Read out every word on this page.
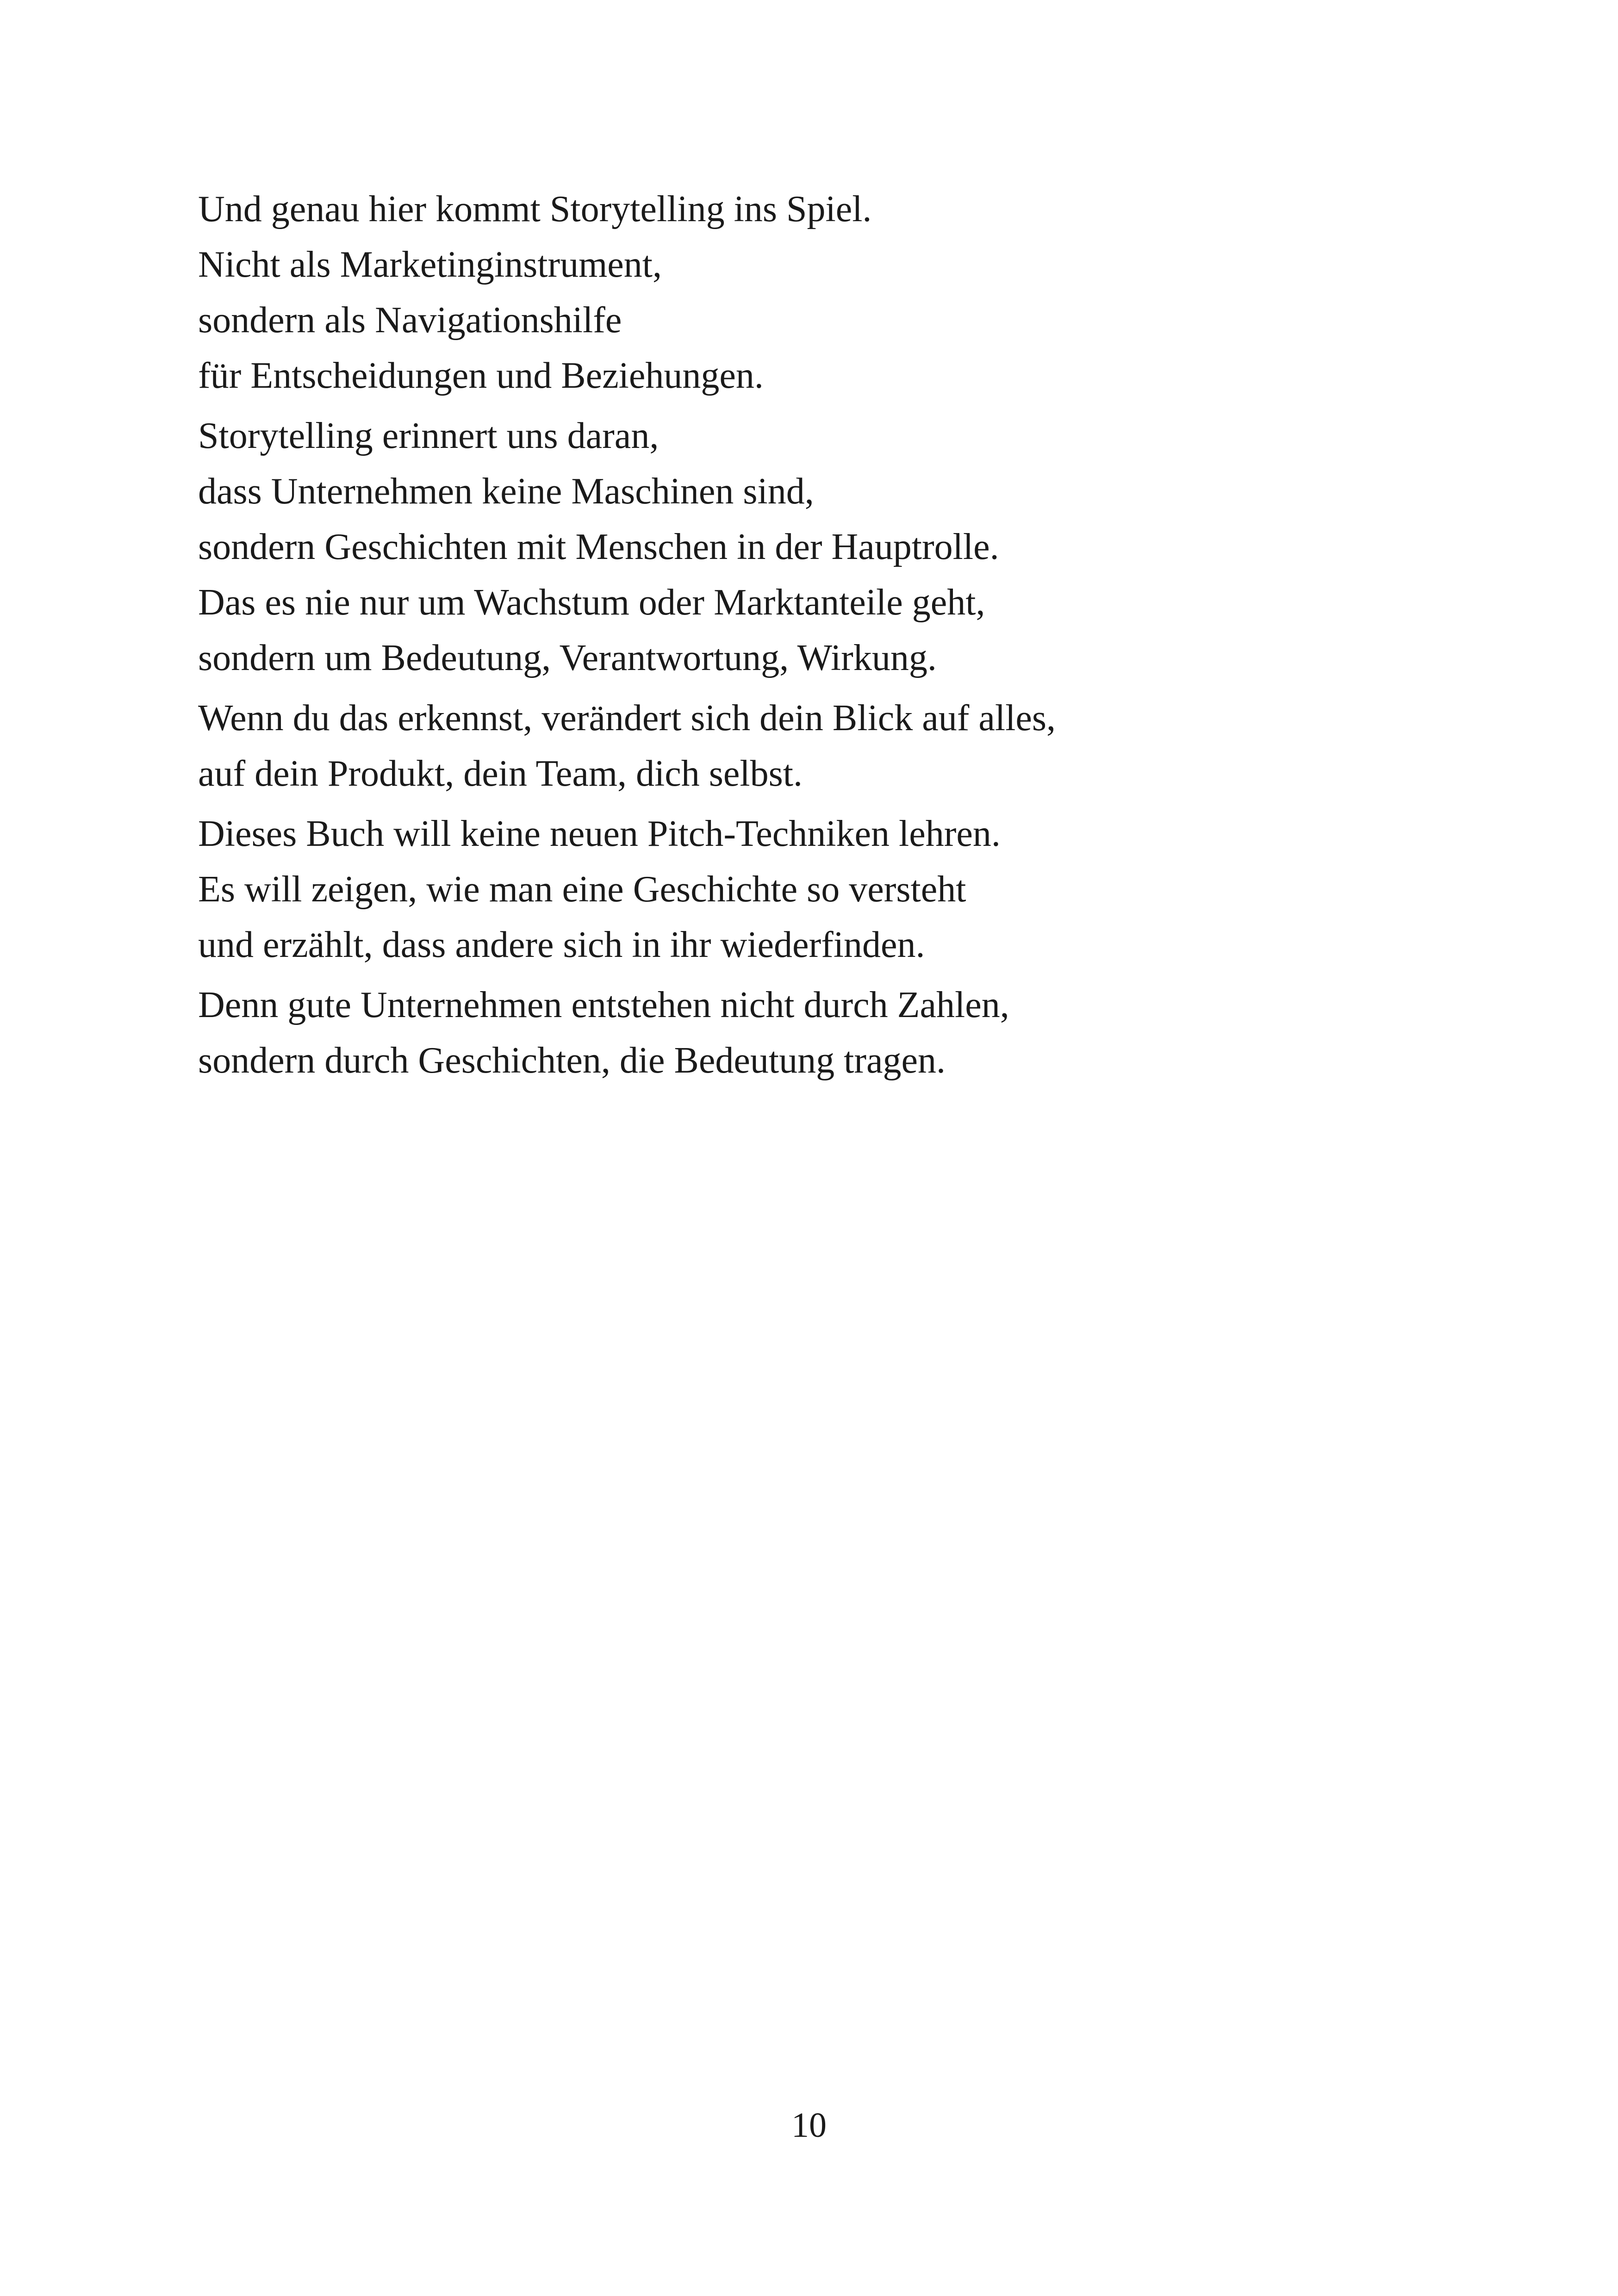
Und genau hier kommt Storytelling ins Spiel.
Nicht als Marketinginstrument,
sondern als Navigationshilfe
für Entscheidungen und Beziehungen.
Storytelling erinnert uns daran,
dass Unternehmen keine Maschinen sind,
sondern Geschichten mit Menschen in der Hauptrolle.
Das es nie nur um Wachstum oder Marktanteile geht,
sondern um Bedeutung, Verantwortung, Wirkung.
Wenn du das erkennst, verändert sich dein Blick auf alles,
auf dein Produkt, dein Team, dich selbst.
Dieses Buch will keine neuen Pitch-Techniken lehren.
Es will zeigen, wie man eine Geschichte so versteht
und erzählt, dass andere sich in ihr wiederfinden.
Denn gute Unternehmen entstehen nicht durch Zahlen,
sondern durch Geschichten, die Bedeutung tragen.
10
